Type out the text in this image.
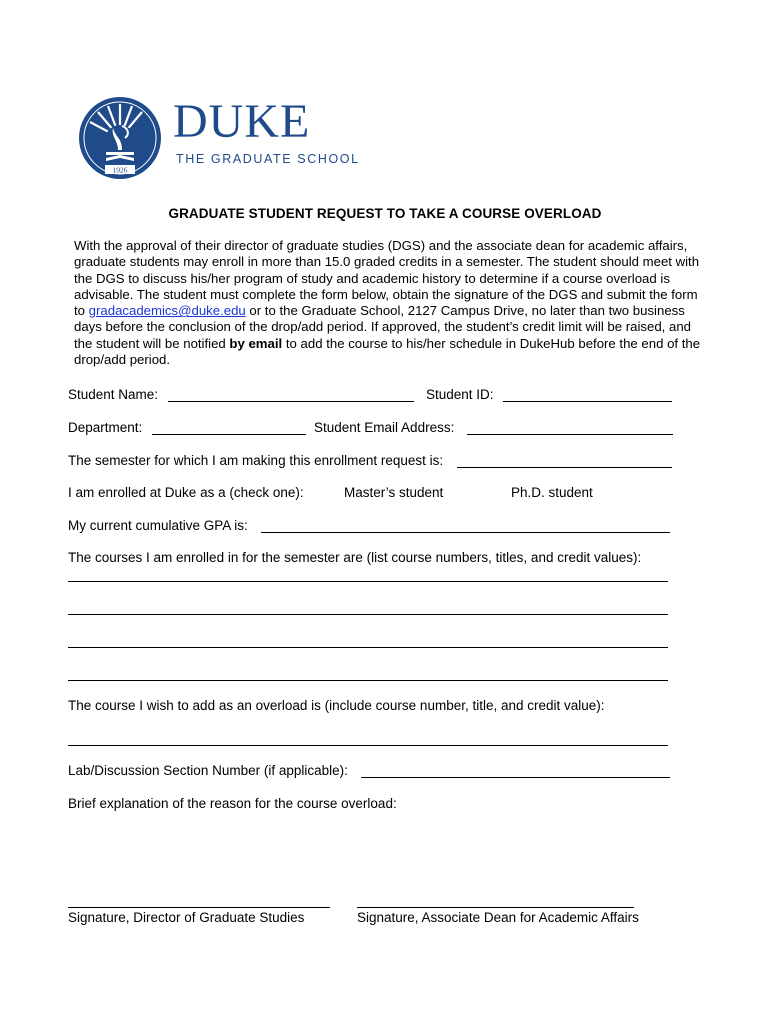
1926
DUKE
THE GRADUATE SCHOOL
GRADUATE STUDENT REQUEST TO TAKE A COURSE OVERLOAD
With the approval of their director of graduate studies (DGS) and the associate dean for academic affairs, graduate students may enroll in more than 15.0 graded credits in a semester. The student should meet with the DGS to discuss his/her program of study and academic history to determine if a course overload is advisable. The student must complete the form below, obtain the signature of the DGS and submit the form to gradacademics@duke.edu or to the Graduate School, 2127 Campus Drive, no later than two business days before the conclusion of the drop/add period. If approved, the student’s credit limit will be raised, and the student will be notified by email to add the course to his/her schedule in DukeHub before the end of the drop/add period.
Student Name:	Student ID:
Department:	Student Email Address:
The semester for which I am making this enrollment request is:
I am enrolled at Duke as a (check one):	Master’s student	Ph.D. student
My current cumulative GPA is:
The courses I am enrolled in for the semester are (list course numbers, titles, and credit values):
The course I wish to add as an overload is (include course number, title, and credit value):
Lab/Discussion Section Number (if applicable):
Brief explanation of the reason for the course overload:
Signature, Director of Graduate Studies	Signature, Associate Dean for Academic Affairs
